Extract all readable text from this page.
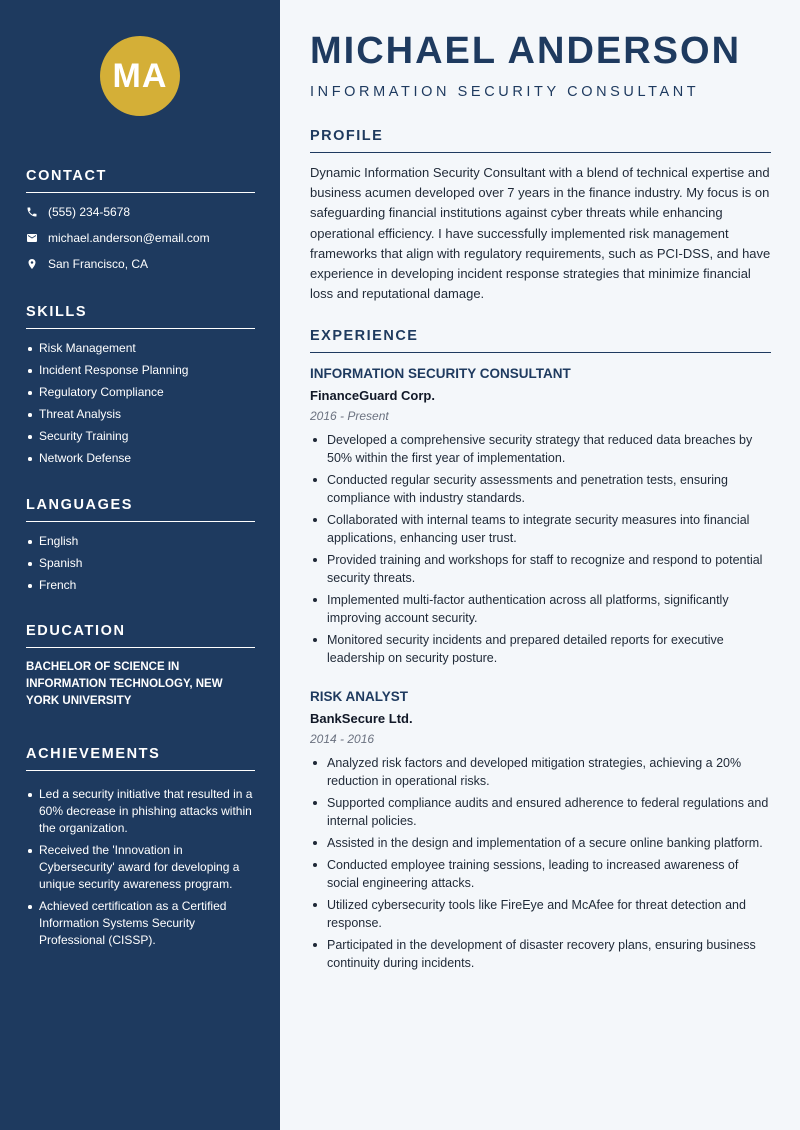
MA
CONTACT
(555) 234-5678
michael.anderson@email.com
San Francisco, CA
SKILLS
Risk Management
Incident Response Planning
Regulatory Compliance
Threat Analysis
Security Training
Network Defense
LANGUAGES
English
Spanish
French
EDUCATION
BACHELOR OF SCIENCE IN INFORMATION TECHNOLOGY, NEW YORK UNIVERSITY
ACHIEVEMENTS
Led a security initiative that resulted in a 60% decrease in phishing attacks within the organization.
Received the 'Innovation in Cybersecurity' award for developing a unique security awareness program.
Achieved certification as a Certified Information Systems Security Professional (CISSP).
MICHAEL ANDERSON
INFORMATION SECURITY CONSULTANT
PROFILE

Dynamic Information Security Consultant with a blend of technical expertise and business acumen developed over 7 years in the finance industry. My focus is on safeguarding financial institutions against cyber threats while enhancing operational efficiency. I have successfully implemented risk management frameworks that align with regulatory requirements, such as PCI-DSS, and have experience in developing incident response strategies that minimize financial loss and reputational damage.

EXPERIENCE
INFORMATION SECURITY CONSULTANT
FinanceGuard Corp.
2016 - Present
Developed a comprehensive security strategy that reduced data breaches by 50% within the first year of implementation.
Conducted regular security assessments and penetration tests, ensuring compliance with industry standards.
Collaborated with internal teams to integrate security measures into financial applications, enhancing user trust.
Provided training and workshops for staff to recognize and respond to potential security threats.
Implemented multi-factor authentication across all platforms, significantly improving account security.
Monitored security incidents and prepared detailed reports for executive leadership on security posture.
RISK ANALYST
BankSecure Ltd.
2014 - 2016
Analyzed risk factors and developed mitigation strategies, achieving a 20% reduction in operational risks.
Supported compliance audits and ensured adherence to federal regulations and internal policies.
Assisted in the design and implementation of a secure online banking platform.
Conducted employee training sessions, leading to increased awareness of social engineering attacks.
Utilized cybersecurity tools like FireEye and McAfee for threat detection and response.
Participated in the development of disaster recovery plans, ensuring business continuity during incidents.
